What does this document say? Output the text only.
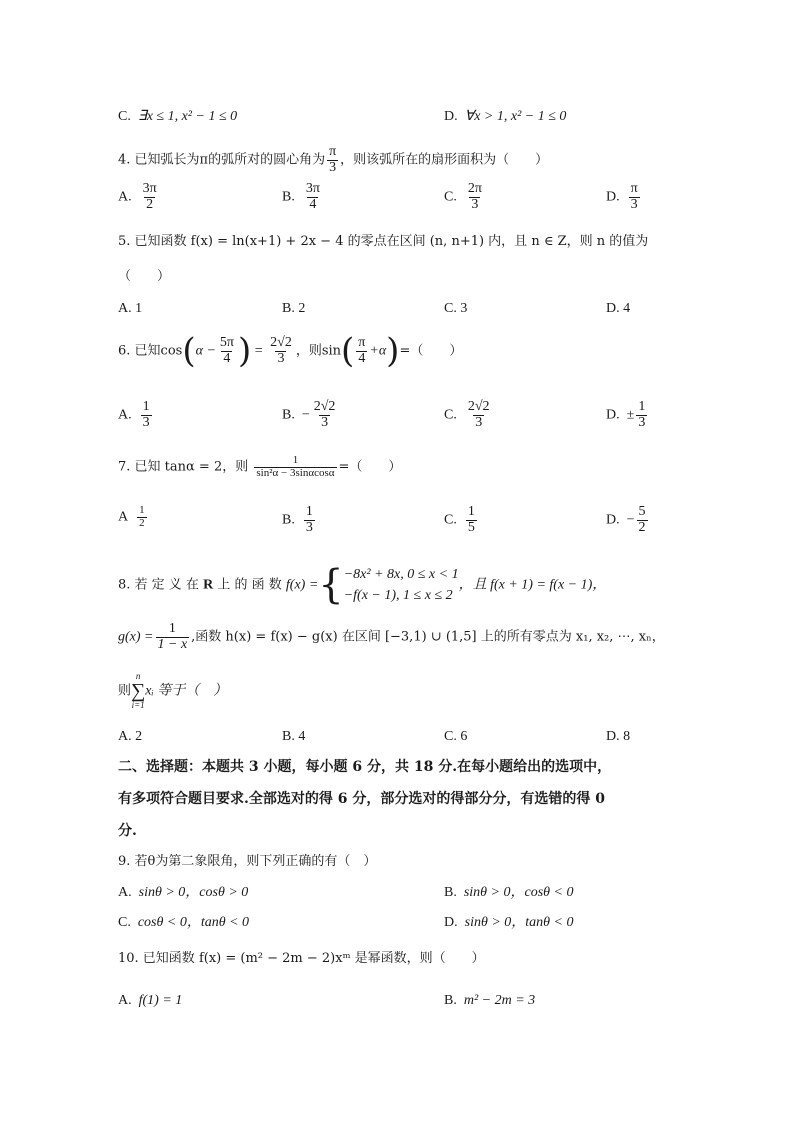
C. ∃x ≤ 1, x² − 1 ≤ 0	D. ∀x > 1, x² − 1 ≤ 0
4. 已知弧长为π的弧所对的圆心角为 $\frac{\pi}{3}$ ，则该弧所在的扇形面积为（　　）
A. $\frac{3\pi}{2}$	B. $\frac{3\pi}{4}$	C. $\frac{2\pi}{3}$	D. $\frac{\pi}{3}$
5. 已知函数 f(x) = ln(x+1) + 2x − 4 的零点在区间 (n, n+1) 内，且 n ∈ Z，则 n 的值为
（　　）
A. 1	B. 2	C. 3	D. 4
6. 已知$\cos(\alpha - \frac{5\pi}{4}$ ) = $\frac{2√2}{3}$ ，则$\sin( \frac{\pi}{4} +\alpha)=$（　　）
A. $\frac{1}{3}$	B. − $\frac{2√2}{3}$	C. $\frac{2√2}{3}$	D. ± $\frac{1}{3}$
7. 已知 tanα = 2，则 $\frac{1}{\text{sin²α − 3sinαcosα}}$ =（　　）
A $\frac{1}{2}$	B. $\frac{1}{3}$	C. $\frac{1}{5}$	D. − $\frac{5}{2}$
8. 若 定 义 在 R 上 的 函 数 f(x) ={ −8x² + 8x, 0 ≤ x < 1
−f(x − 1), 1 ≤ x ≤ 2
，且 f(x + 1) = f(x − 1)，
$g(x) = \frac{1}{1 - x}$ ,函数 h(x) = f(x) − g(x) 在区间 [−3,1) ∪ (1,5] 上的所有零点为 x₁, x₂, ⋯, xₙ，
则
n
∑
i=1
xᵢ 等于（　）
A. 2	B. 4	C. 6	D. 8
二、选择题：本题共 3 小题，每小题 6 分，共 18 分.在每小题给出的选项中，
有多项符合题目要求.全部选对的得 6 分，部分选对的得部分分，有选错的得 0
分.
9. 若θ为第二象限角，则下列正确的有（　）
A. sinθ > 0，cosθ > 0	B. sinθ > 0，cosθ < 0
C. cosθ < 0，tanθ < 0	D. sinθ > 0，tanθ < 0
10. 已知函数 f(x) = (m² − 2m − 2)xᵐ 是幂函数，则（　　）
A. f(1) = 1	B. m² − 2m = 3
